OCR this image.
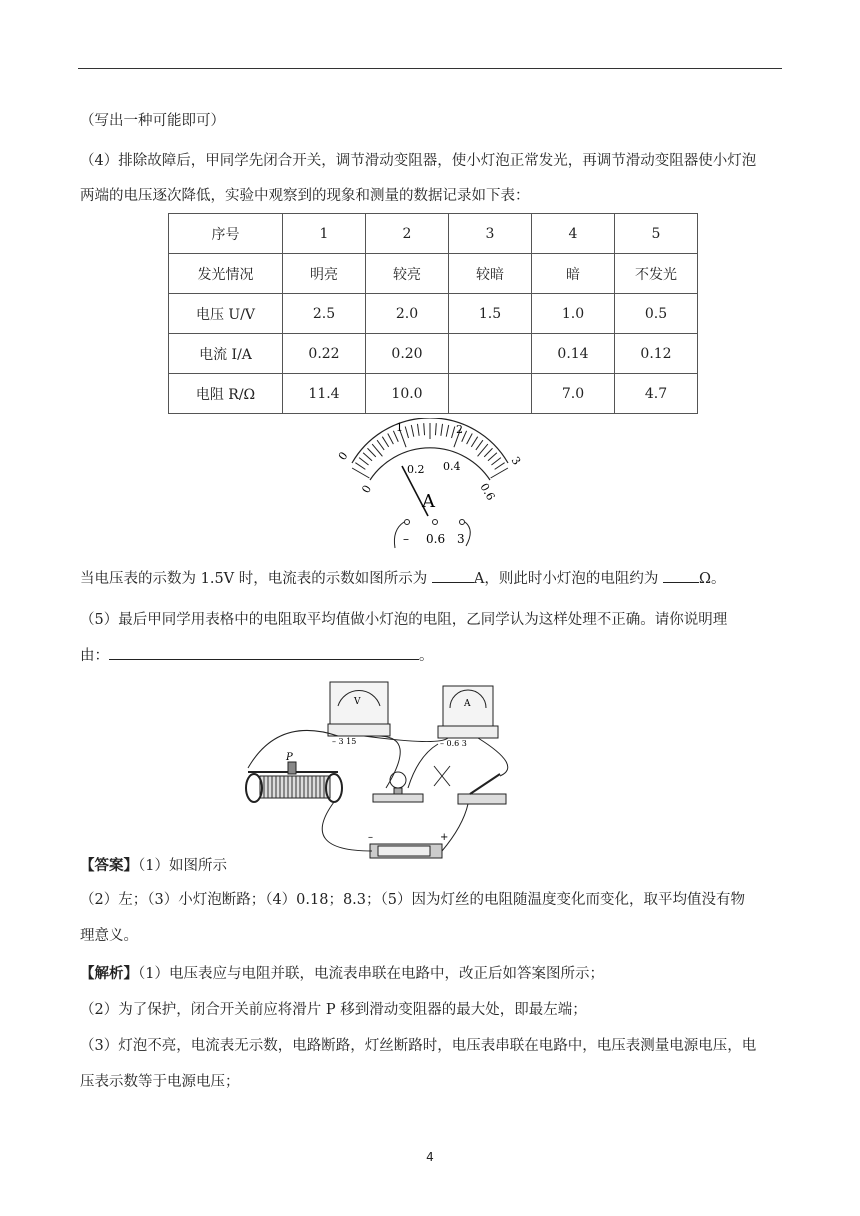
（写出一种可能即可）
（4）排除故障后，甲同学先闭合开关，调节滑动变阻器，使小灯泡正常发光，再调节滑动变阻器使小灯泡
两端的电压逐次降低，实验中观察到的现象和测量的数据记录如下表：
序号	1	2	3	4	5
发光情况	明亮	较亮	较暗	暗	不发光
电压 U/V	2.5	2.0	1.5	1.0	0.5
电流 I/A	0.22	0.20		0.14	0.12
电阻 R/Ω	11.4	10.0		7.0	4.7
0
1	2
3
0
0.2 0.4
0.6
A
– 0.6 3
当电压表的示数为 1.5V 时，电流表的示数如图所示为	A，则此时小灯泡的电阻约为 Ω。
（5）最后甲同学用表格中的电阻取平均值做小灯泡的电阻，乙同学认为这样处理不正确。请你说明理
由：	。
V
– 3 15
A
– 0.6 3
P
–	+
【答案】（1）如图所示
（2）左；（3）小灯泡断路；（4）0.18；8.3；（5）因为灯丝的电阻随温度变化而变化，取平均值没有物
理意义。
【解析】（1）电压表应与电阻并联，电流表串联在电路中，改正后如答案图所示；
（2）为了保护，闭合开关前应将滑片 P 移到滑动变阻器的最大处，即最左端；
（3）灯泡不亮，电流表无示数，电路断路，灯丝断路时，电压表串联在电路中，电压表测量电源电压，电
压表示数等于电源电压；
4
